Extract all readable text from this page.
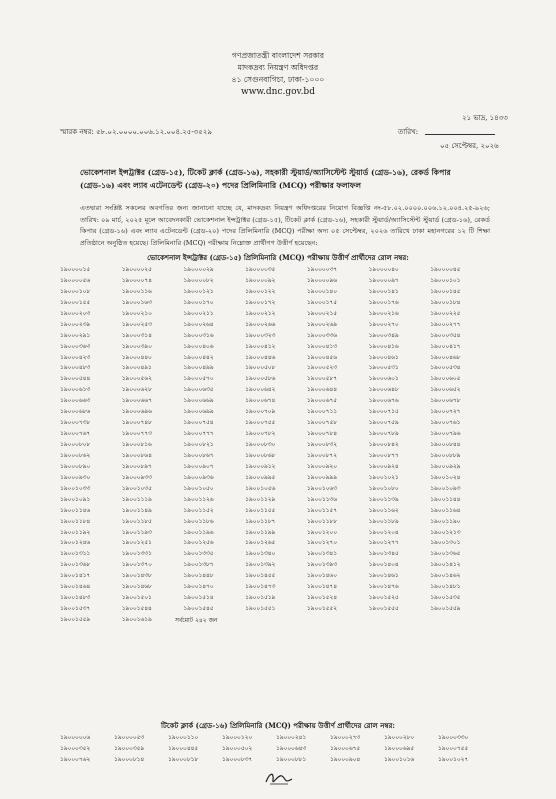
গণপ্রজাতন্ত্রী বাংলাদেশ সরকার
মাদকদ্রব্য নিয়ন্ত্রণ অধিদপ্তর
৪১ সেগুনবাগিচা, ঢাকা-১০০০
www.dnc.gov.bd
২১ ভাদ্র, ১৪৩৩
স্মারক নম্বর: ৫৮.০২.০০০০.০০৬.১২.০০৪.২৫-৩৫২৯	তারিখ:
০৫ সেপ্টেম্বর, ২০২৬
ভোকেশনাল ইন্সট্রাক্টর (গ্রেড-১৫), টিকেট ক্লার্ক (গ্রেড-১৬), সহকারী স্টুয়ার্ড/অ্যাসিস্টেন্ট স্টুয়ার্ড (গ্রেড-১৬), রেকর্ড কিপার (গ্রেড-১৬) এবং ল্যাব এটেনডেন্ট (গ্রেড-২০) পদের প্রিলিমিনারি (MCQ) পরীক্ষার ফলাফল
এতদ্বারা সংশ্লিষ্ট সকলের অবগতির জন্য জানানো যাচ্ছে যে, মাদকদ্রব্য নিয়ন্ত্রণ অধিদপ্তরের নিয়োগ বিজ্ঞপ্তি নং-৫৮.০২.০০০০.০০৬.১২.০০৪.২৫-৯২৬; তারিখ: ০৯ মার্চ, ২০২৫ মূলে আবেদনকারী ভোকেশনাল ইন্সট্রাক্টর (গ্রেড-১৫), টিকেট ক্লার্ক (গ্রেড-১৬), সহকারী স্টুয়ার্ড/অ্যাসিস্টেন্ট স্টুয়ার্ড (গ্রেড-১৬), রেকর্ড কিপার (গ্রেড-১৬) এবং ল্যাব এটেনডেন্ট (গ্রেড-২০) পদের প্রিলিমিনারি (MCQ) পরীক্ষা অদ্য ০৫ সেপ্টেম্বর, ২০২৬ তারিখে ঢাকা মহানগরের ১২ টি শিক্ষা প্রতিষ্ঠানে অনুষ্ঠিত হয়েছে। প্রিলিমিনারি (MCQ) পরীক্ষায় নিম্নোক্ত প্রার্থীগণ উত্তীর্ণ হয়েছেন:
ভোকেশনাল ইন্সট্রাক্টর (গ্রেড-১৫) প্রিলিমিনারি (MCQ) পরীক্ষায় উত্তীর্ণ প্রার্থীদের রোল নম্বর:
১৯০০০০১৫	১৯০০০০২৫	১৯০০০০২৯	১৯০০০০৩৫	১৯০০০০৩৭	১৯০০০০৪০	১৯০০০০৪৫
১৯০০০০৫৬	১৯০০০০৭৪	১৯০০০০৮২	১৯০০০০৯২	১৯০০০০৯৬	১৯০০০০৯৭	১৯০০০১০১
১৯০০০১০৮	১৯০০০১১৬	১৯০০০১২১	১৯০০০১২২	১৯০০০১৪০	১৯০০০১৪১	১৯০০০১৪৫
১৯০০০১৫৫	১৯০০০১৬৩	১৯০০০১৭০	১৯০০০১৭২	১৯০০০১৭৫	১৯০০০১৭৬	১৯০০০১৮৪
১৯০০০২০৩	১৯০০০২১০	১৯০০০২১১	১৯০০০২১২	১৯০০০২১৫	১৯০০০২১৬	১৯০০০২২৫
১৯০০০২৩৯	১৯০০০২৫৩	১৯০০০২৬৪	১৯০০০২৬৬	১৯০০০২৬৯	১৯০০০২৭০	১৯০০০২৭৭
১৯০০০২৯১	১৯০০০৩১৪	১৯০০০৩১৬	১৯০০০৩২৩	১৯০০০৩৩৬	১৯০০০৩৪৯	১৯০০০৩৫৪
১৯০০০৩৬৩	১৯০০০৩৯০	১৯০০০৪০৬	১৯০০০৪১২	১৯০০০৪১৩	১৯০০০৪১৬	১৯০০০৪১৭
১৯০০০৪২৩	১৯০০০৪৪০	১৯০০০৪৪২	১৯০০০৪৪৬	১৯০০০৪৫৬	১৯০০০৪৬১	১৯০০০৪৬৮
১৯০০০৪৮৩	১৯০০০৪৯১	১৯০০০৪৯৯	১৯০০০৫০৮	১৯০০০৫২৩	১৯০০০৫৩১	১৯০০০৫৩৪
১৯০০০৫৪৪	১৯০০০৫৬২	১৯০০০৫৭০	১৯০০০৫৮৬	১৯০০০৫৮৭	১৯০০০৬০১	১৯০০০৬০৫
১৯০০০৬১৩	১৯০০০৬২৮	১৯০০০৬৩৫	১৯০০০৬৪২	১৯০০০৬৪৪	১৯০০০৬৪৮	১৯০০০৬৫২
১৯০০০৬৬৩	১৯০০০৬৬৭	১৯০০০৬৬৯	১৯০০০৬৭৪	১৯০০০৬৭৫	১৯০০০৬৭৬	১৯০০০৬৭৮
১৯০০০৬৮৬	১৯০০০৬৯৬	১৯০০০৬৯৯	১৯০০০৭০৯	১৯০০০৭১১	১৯০০০৭১৫	১৯০০০৭২৭
১৯০০০৭৩৮	১৯০০০৭৪৮	১৯০০০৭৫৪	১৯০০০৭৫৫	১৯০০০৭৫৮	১৯০০০৭৫৯	১৯০০০৭৬১
১৯০০০৭৬৭	১৯০০০৭৭৩	১৯০০০৭৭৭	১৯০০০৭৮২	১৯০০০৭৮৪	১৯০০০৭৮৯	১৯০০০৭৯৬
১৯০০০৮০৮	১৯০০০৮১৬	১৯০০০৮২১	১৯০০০৮৩০	১৯০০০৮৩২	১৯০০০৮৪২	১৯০০০৮৪৪
১৯০০০৮৬২	১৯০০০৮৬৪	১৯০০০৮৬৭	১৯০০০৮৬৮	১৯০০০৮৭২	১৯০০০৮৭৭	১৯০০০৮৮৯
১৯০০০৮৯০	১৯০০০৮৯৭	১৯০০০৯০৭	১৯০০০৯১২	১৯০০০৯২০	১৯০০০৯২৪	১৯০০০৯২৯
১৯০০০৯৩০	১৯০০০৯৩৩	১৯০০০৯৩৬	১৯০০০৯৯৫	১৯০০০৯৯৯	১৯০০১০২১	১৯০০১০২৪
১৯০০১০৩৩	১৯০০১০৩৫	১৯০০১০৫০	১৯০০১০৫৬	১৯০০১০৬৩	১৯০০১০৮০	১৯০০১০৯৩
১৯০০১০৯১	১৯০০১১১৯	১৯০০১১২৬	১৯০০১১২৯	১৯০০১১৩৬	১৯০০১১৩৯	১৯০০১১৪৪
১৯০০১১৪৬	১৯০০১১৪৯	১৯০০১১৫২	১৯০০১১৫৫	১৯০০১১৫৭	১৯০০১১৬২	১৯০০১১৬৪
১৯০০১১৮৪	১৯০০১১৮৫	১৯০০১১৮৬	১৯০০১১৮৭	১৯০০১১৮৮	১৯০০১১৮৯	১৯০০১১৯০
১৯০০১১৯২	১৯০০১১৯৩	১৯০০১১৯৬	১৯০০১১৯৯	১৯০০১২০০	১৯০০১২০৪	১৯০০১২১৩
১৯০০১২৪৬	১৯০০১২৫১	১৯০০১২৫৬	১৯০০১২৬৫	১৯০০১২৭০	১৯০০১২৭৭	১৯০০১৩০১
১৯০০১৩১১	১৯০০১৩৩১	১৯০০১৩৩৫	১৯০০১৩৪০	১৯০০১৩৪১	১৯০০১৩৪৫	১৯০০১৩৬৫
১৯০০১৩৬৮	১৯০০১৩৭০	১৯০০১৩৮৭	১৯০০১৩৯২	১৯০০১৩৯৩	১৯০০১৪০৪	১৯০০১৪১২
১৯০০১৪১৭	১৯০০১৪৩৮	১৯০০১৪৪৮	১৯০০১৪৫৫	১৯০০১৪৬০	১৯০০১৪৬১	১৯০০১৪৬২
১৯০০১৪৬৪	১৯০০১৪৬৮	১৯০০১৪৭০	১৯০০১৪৭৩	১৯০০১৪৭৪	১৯০০১৪৭৬	১৯০০১৪৮১
১৯০০১৪৮৩	১৯০০১৫০১	১৯০০১৫১৪	১৯০০১৫১৯	১৯০০১৫২৪	১৯০০১৫২৫	১৯০০১৫৩৫
১৯০০১৫৩৭	১৯০০১৫৪৪	১৯০০১৫৪৫	১৯০০১৫৫১	১৯০০১৫৫২	১৯০০১৫৫৫	১৯০০১৫৫৯
১৯০০১৫৫৯	১৯০০১৬১৯	সর্বমোট ২৪২ জন
টিকেট ক্লার্ক (গ্রেড-১৬) প্রিলিমিনারি (MCQ) পরীক্ষায় উত্তীর্ণ প্রার্থীদের রোল নম্বর:
১৯০০০০০৬	১৯০০০০৫৩	১৯০০০১১০	১৯০০০১২০	১৯০০০২৪১	১৯০০০২৭৩	১৯০০০২৮০	১৯০০০৩৩০
১৯০০০৩৫২	১৯০০০৩৫৯	১৯০০০৪৪৫	১৯০০০৫০২	১৯০০০৬৪৩	১৯০০০৬৭৫	১৯০০০৬৯৫	১৯০০০৭৫৫
১৯০০০৭৬২	১৯০০০৮১৪	১৯০০০৮১৮	১৯০০০৮৩৭	১৯০০০৮৮১	১৯০০০৯০৪	১৯০০১০১৬	১৯০০১০২৭
